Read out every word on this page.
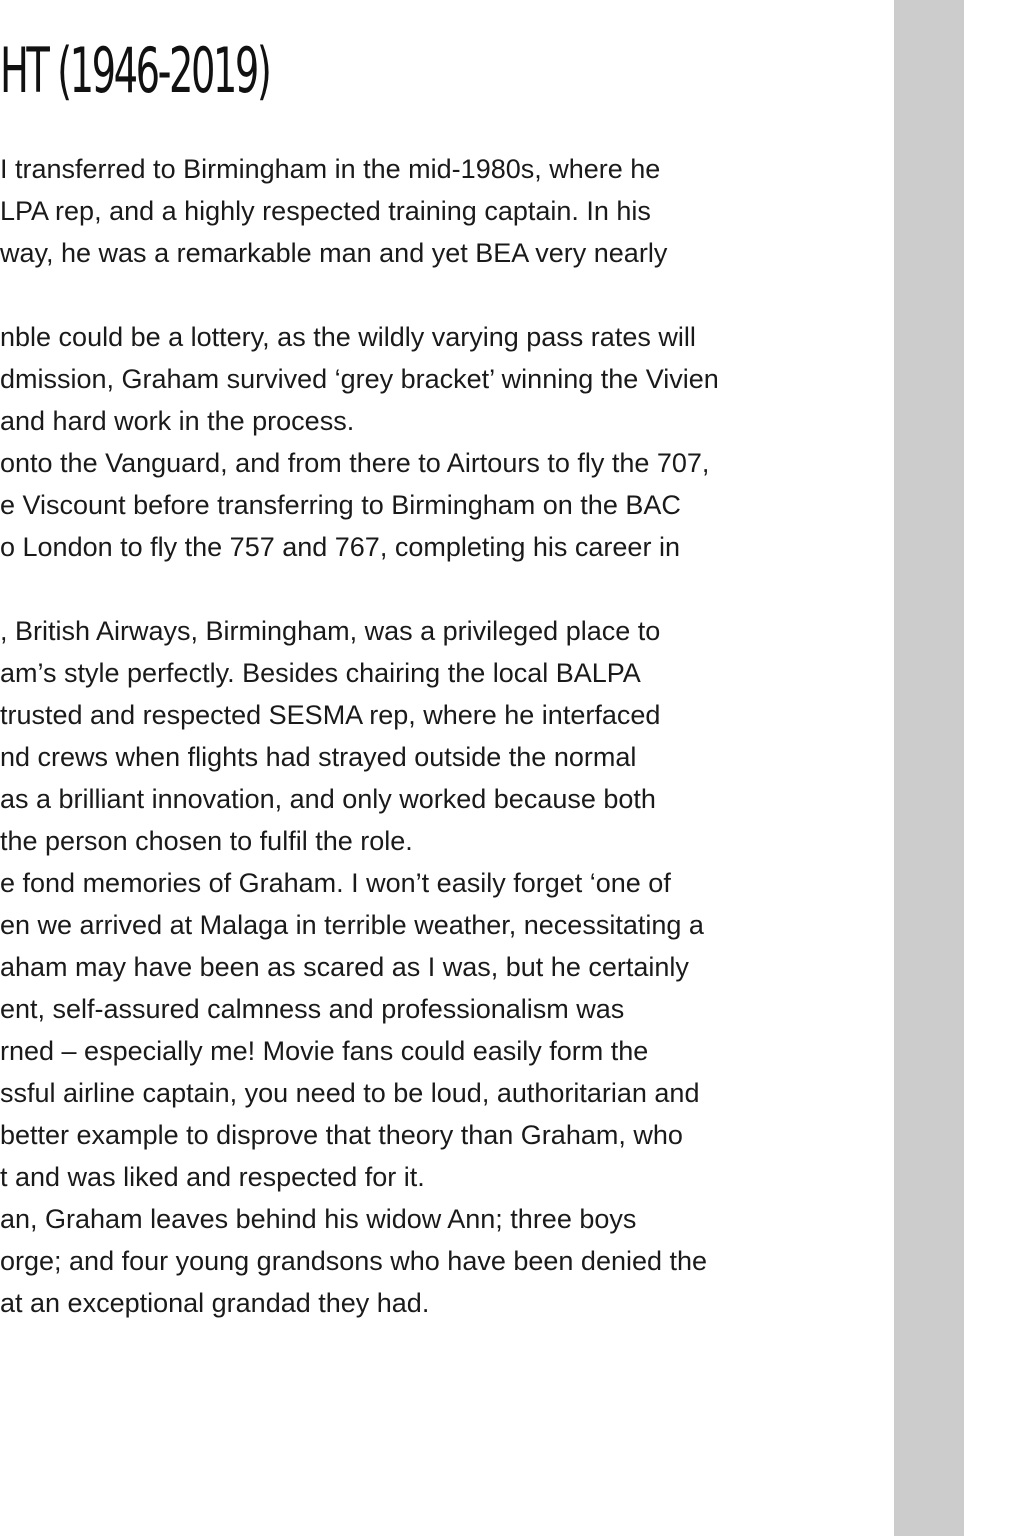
HT (1946-2019)

I transferred to Birmingham in the mid-1980s, where he

LPA rep, and a highly respected training captain. In his

way, he was a remarkable man and yet BEA very nearly

nble could be a lottery, as the wildly varying pass rates will

dmission, Graham survived ‘grey bracket’ winning the Vivien

and hard work in the process.

onto the Vanguard, and from there to Airtours to fly the 707,

e Viscount before transferring to Birmingham on the BAC

o London to fly the 757 and 767, completing his career in

, British Airways, Birmingham, was a privileged place to

am’s style perfectly. Besides chairing the local BALPA

trusted and respected SESMA rep, where he interfaced

nd crews when flights had strayed outside the normal

as a brilliant innovation, and only worked because both

the person chosen to fulfil the role.

e fond memories of Graham. I won’t easily forget ‘one of

en we arrived at Malaga in terrible weather, necessitating a

aham may have been as scared as I was, but he certainly

ent, self-assured calmness and professionalism was

rned – especially me! Movie fans could easily form the

ssful airline captain, you need to be loud, authoritarian and

better example to disprove that theory than Graham, who

t and was liked and respected for it.

an, Graham leaves behind his widow Ann; three boys

orge; and four young grandsons who have been denied the

at an exceptional grandad they had.
